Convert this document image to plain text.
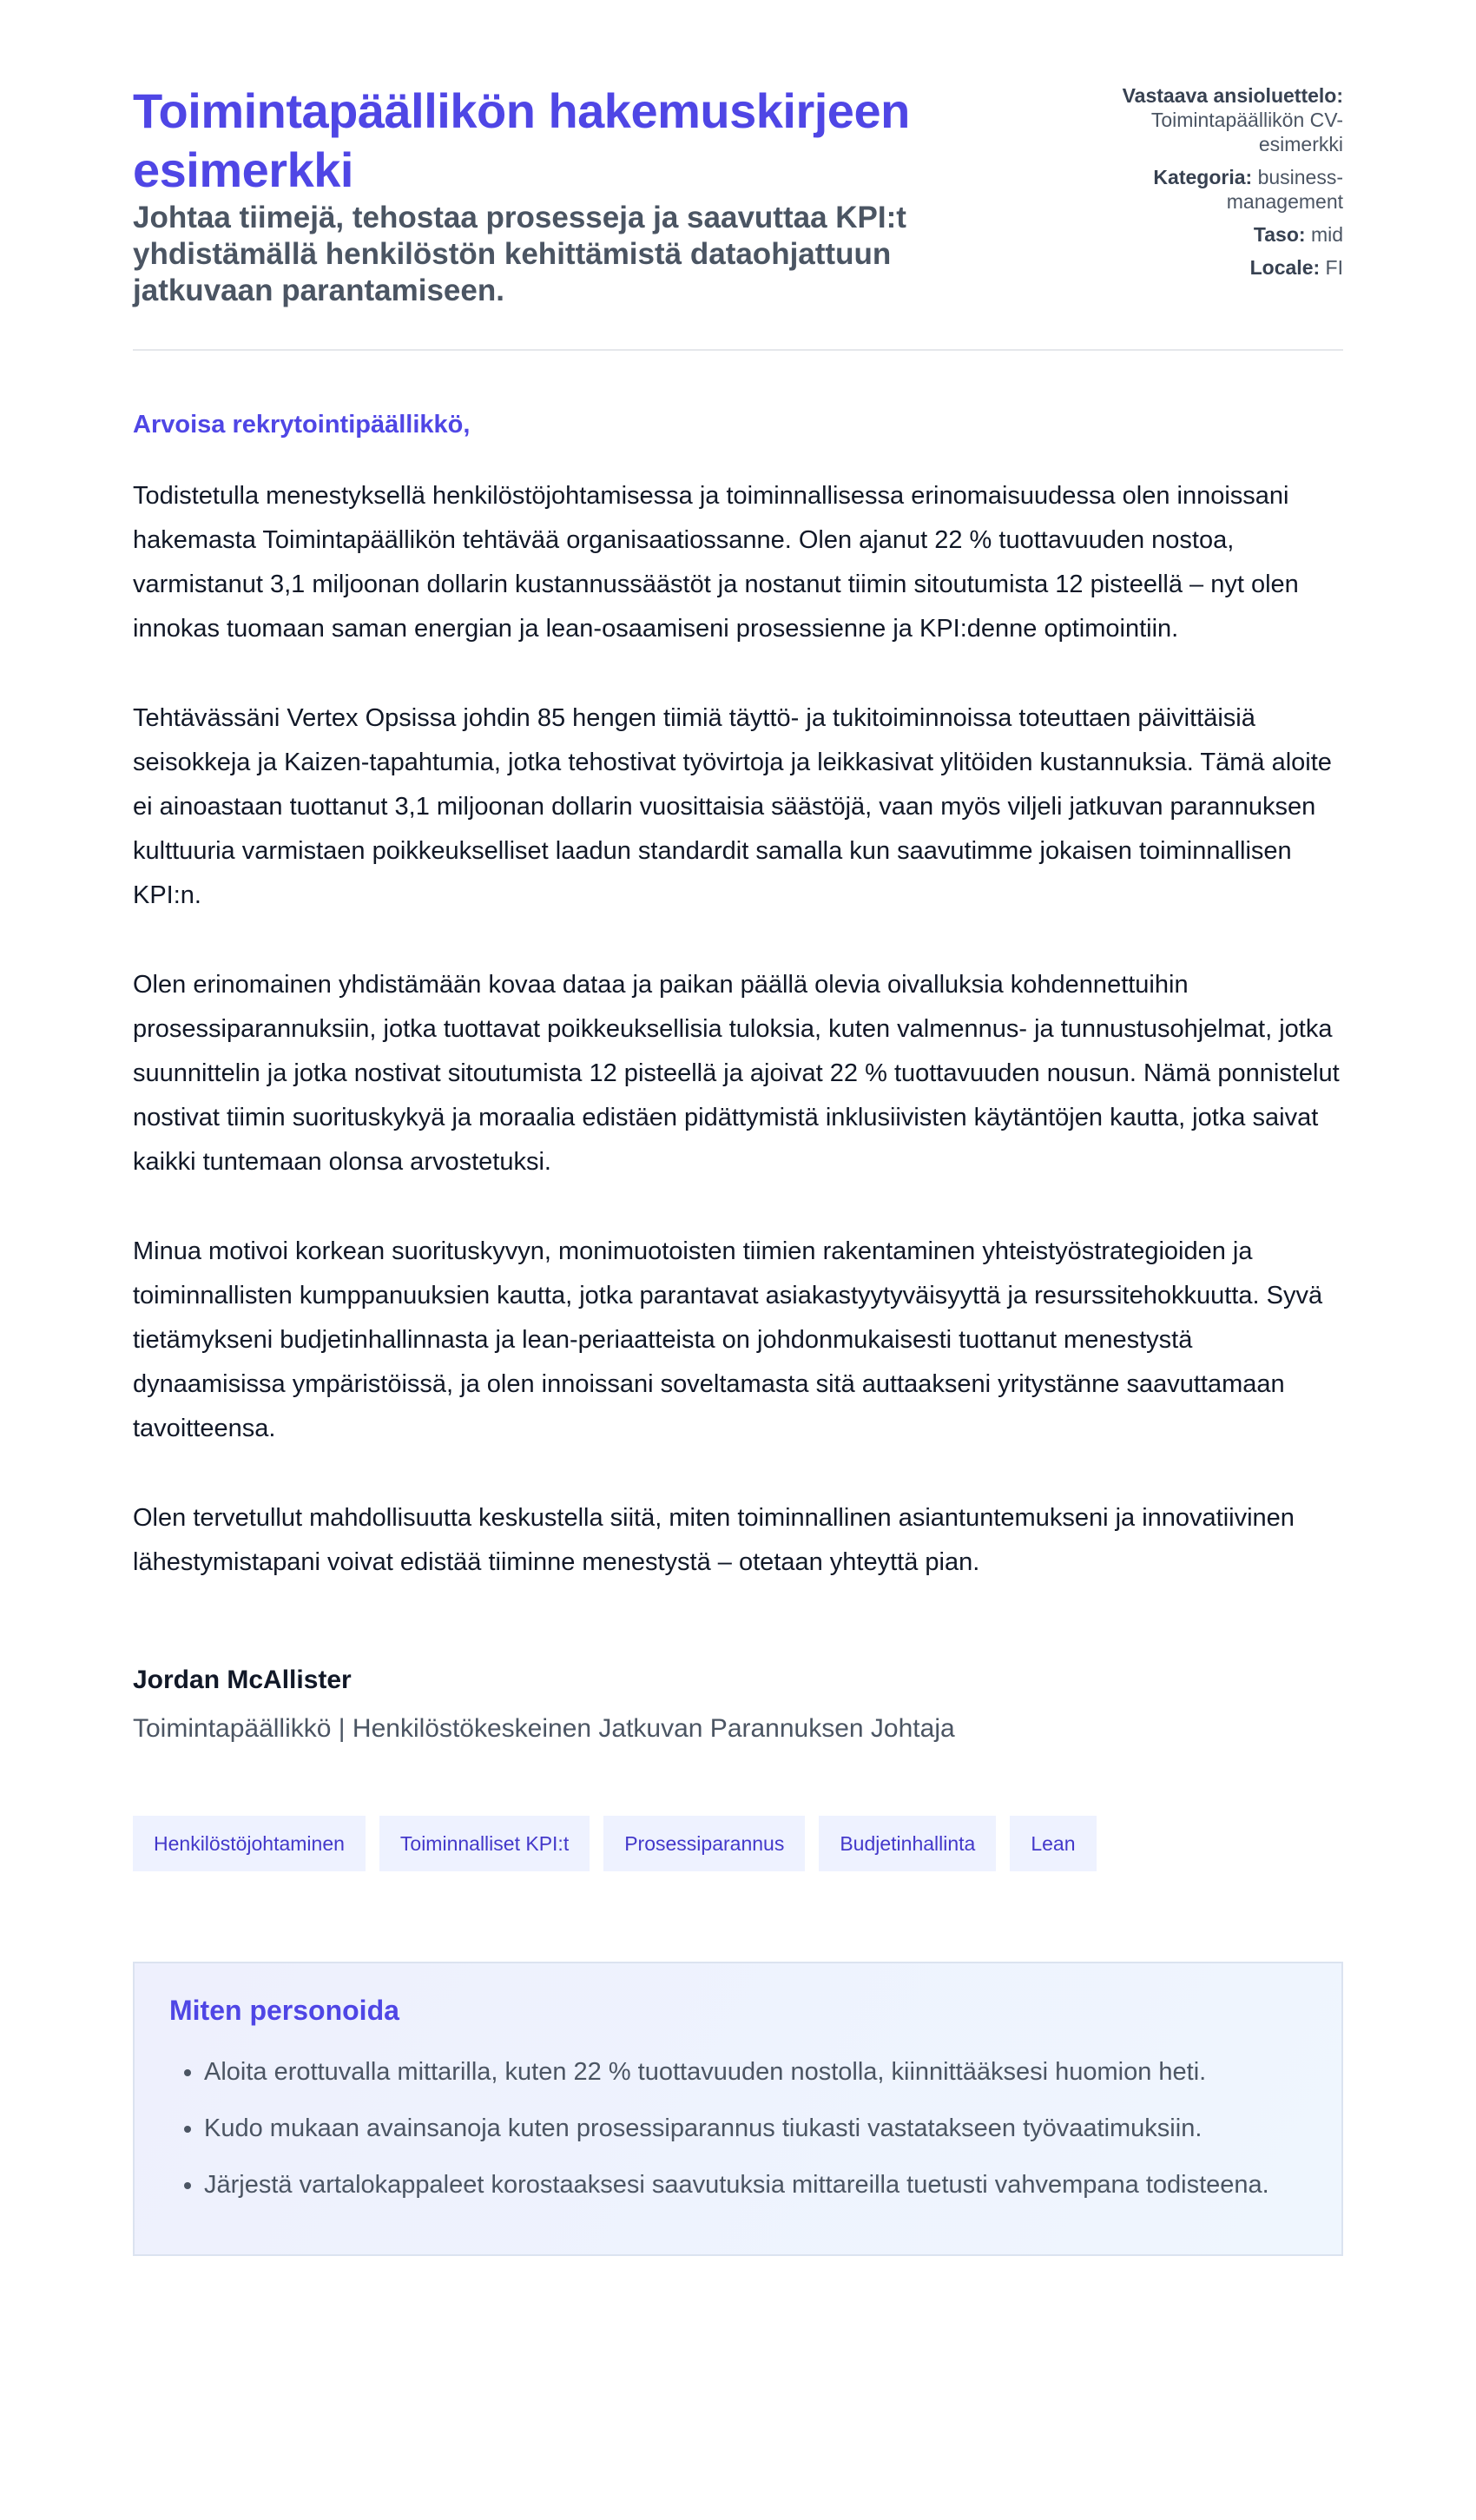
Toimintapäällikön hakemuskirjeen esimerkki

Johtaa tiimejä, tehostaa prosesseja ja saavuttaa KPI:t yhdistämällä henkilöstön kehittämistä dataohjattuun jatkuvaan parantamiseen.

Vastaava ansioluettelo: Toimintapäällikön CV-esimerkki
Kategoria: business-management
Taso: mid
Locale: FI

Arvoisa rekrytointipäällikkö,

Todistetulla menestyksellä henkilöstöjohtamisessa ja toiminnallisessa erinomaisuudessa olen innoissani hakemasta Toimintapäällikön tehtävää organisaatiossanne. Olen ajanut 22 % tuottavuuden nostoa, varmistanut 3,1 miljoonan dollarin kustannussäästöt ja nostanut tiimin sitoutumista 12 pisteellä – nyt olen innokas tuomaan saman energian ja lean-osaamiseni prosessienne ja KPI:denne optimointiin.

Tehtävässäni Vertex Opsissa johdin 85 hengen tiimiä täyttö- ja tukitoiminnoissa toteuttaen päivittäisiä seisokkeja ja Kaizen-tapahtumia, jotka tehostivat työvirtoja ja leikkasivat ylitöiden kustannuksia. Tämä aloite ei ainoastaan tuottanut 3,1 miljoonan dollarin vuosittaisia säästöjä, vaan myös viljeli jatkuvan parannuksen kulttuuria varmistaen poikkeukselliset laadun standardit samalla kun saavutimme jokaisen toiminnallisen KPI:n.

Olen erinomainen yhdistämään kovaa dataa ja paikan päällä olevia oivalluksia kohdennettuihin prosessiparannuksiin, jotka tuottavat poikkeuksellisia tuloksia, kuten valmennus- ja tunnustusohjelmat, jotka suunnittelin ja jotka nostivat sitoutumista 12 pisteellä ja ajoivat 22 % tuottavuuden nousun. Nämä ponnistelut nostivat tiimin suorituskykyä ja moraalia edistäen pidättymistä inklusiivisten käytäntöjen kautta, jotka saivat kaikki tuntemaan olonsa arvostetuksi.

Minua motivoi korkean suorituskyvyn, monimuotoisten tiimien rakentaminen yhteistyöstrategioiden ja toiminnallisten kumppanuuksien kautta, jotka parantavat asiakastyytyväisyyttä ja resurssitehokkuutta. Syvä tietämykseni budjetinhallinnasta ja lean-periaatteista on johdonmukaisesti tuottanut menestystä dynaamisissa ympäristöissä, ja olen innoissani soveltamasta sitä auttaakseni yritystänne saavuttamaan tavoitteensa.

Olen tervetullut mahdollisuutta keskustella siitä, miten toiminnallinen asiantuntemukseni ja innovatiivinen lähestymistapani voivat edistää tiiminne menestystä – otetaan yhteyttä pian.

Jordan McAllister
Toimintapäällikkö | Henkilöstökeskeinen Jatkuvan Parannuksen Johtaja
Henkilöstöjohtaminen	Toiminnalliset KPI:t	Prosessiparannus	Budjetinhallinta	Lean
Miten personoida
• Aloita erottuvalla mittarilla, kuten 22 % tuottavuuden nostolla, kiinnittääksesi huomion heti.
• Kudo mukaan avainsanoja kuten prosessiparannus tiukasti vastatakseen työvaatimuksiin.
• Järjestä vartalokappaleet korostaaksesi saavutuksia mittareilla tuetusti vahvempana todisteena.
